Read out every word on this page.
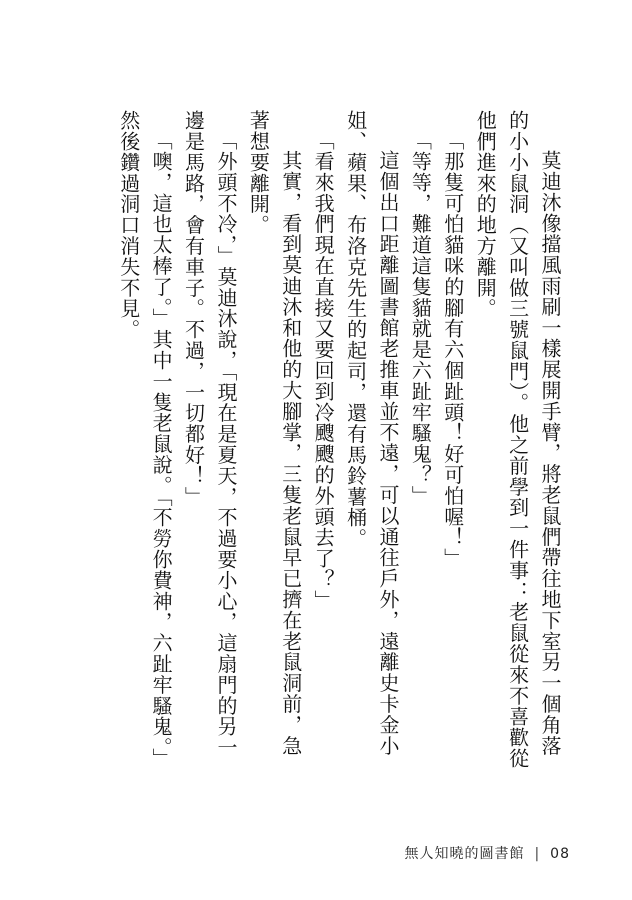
莫迪沐像擋風雨刷一樣展開手臂，將老鼠們帶往地下室另一個角落的小小鼠洞（又叫做三號鼠門）。他之前學到一件事：老鼠從來不喜歡從他們進來的地方離開。

「那隻可怕貓咪的腳有六個趾頭！好可怕喔！」

「等等，難道這隻貓就是六趾牢騷鬼？」

這個出口距離圖書館老推車並不遠，可以通往戶外，遠離史卡金小姐、蘋果、布洛克先生的起司，還有馬鈴薯桶。

「看來我們現在直接又要回到冷颼颼的外頭去了？」

其實，看到莫迪沐和他的大腳掌，三隻老鼠早已擠在老鼠洞前，急著想要離開。

「外頭不冷，」莫迪沐說，「現在是夏天，不過要小心，這扇門的另一邊是馬路，會有車子。不過，一切都好！」

「噢，這也太棒了。」其中一隻老鼠說。「不勞你費神，六趾牢騷鬼。」然後鑽過洞口消失不見。

無人知曉的圖書館 | 08
